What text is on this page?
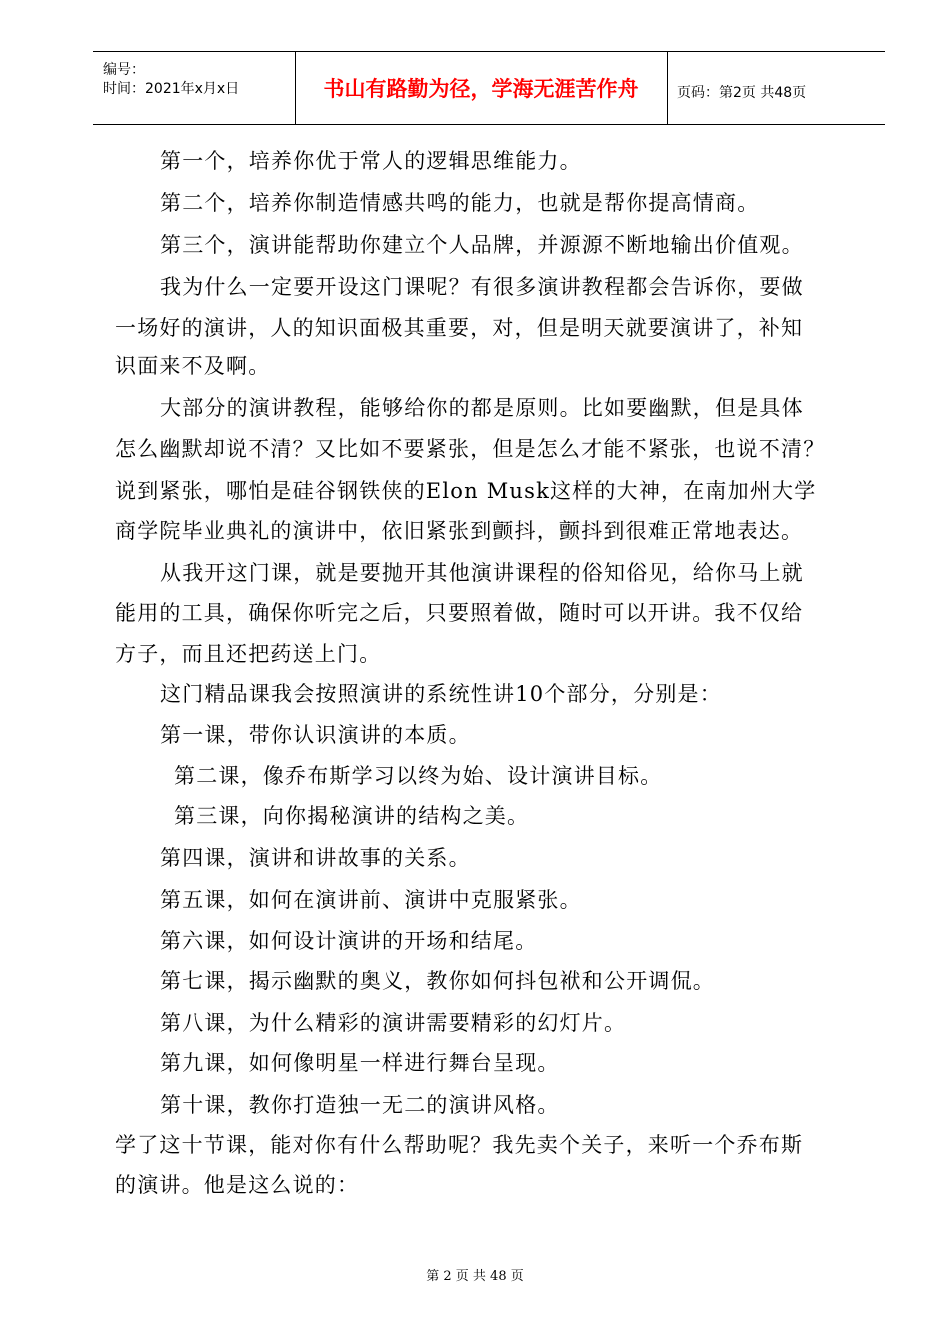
编号：
时间：2021年x月x日	书山有路勤为径，学海无涯苦作舟	页码：第2页 共48页
第一个，培养你优于常人的逻辑思维能力。
第二个，培养你制造情感共鸣的能力，也就是帮你提高情商。
第三个，演讲能帮助你建立个人品牌，并源源不断地输出价值观。
我为什么一定要开设这门课呢？有很多演讲教程都会告诉你，要做
一场好的演讲，人的知识面极其重要，对，但是明天就要演讲了，补知
识面来不及啊。
大部分的演讲教程，能够给你的都是原则。比如要幽默，但是具体
怎么幽默却说不清？又比如不要紧张，但是怎么才能不紧张，也说不清？
说到紧张，哪怕是硅谷钢铁侠的Elon Musk这样的大神，在南加州大学
商学院毕业典礼的演讲中，依旧紧张到颤抖，颤抖到很难正常地表达。
从我开这门课，就是要抛开其他演讲课程的俗知俗见，给你马上就
能用的工具，确保你听完之后，只要照着做，随时可以开讲。我不仅给
方子，而且还把药送上门。
这门精品课我会按照演讲的系统性讲10个部分，分别是：
第一课，带你认识演讲的本质。
第二课，像乔布斯学习以终为始、设计演讲目标。
第三课，向你揭秘演讲的结构之美。
第四课，演讲和讲故事的关系。
第五课，如何在演讲前、演讲中克服紧张。
第六课，如何设计演讲的开场和结尾。
第七课，揭示幽默的奥义，教你如何抖包袱和公开调侃。
第八课，为什么精彩的演讲需要精彩的幻灯片。
第九课，如何像明星一样进行舞台呈现。
第十课，教你打造独一无二的演讲风格。
学了这十节课，能对你有什么帮助呢？我先卖个关子，来听一个乔布斯
的演讲。他是这么说的：
第 2 页 共 48 页
